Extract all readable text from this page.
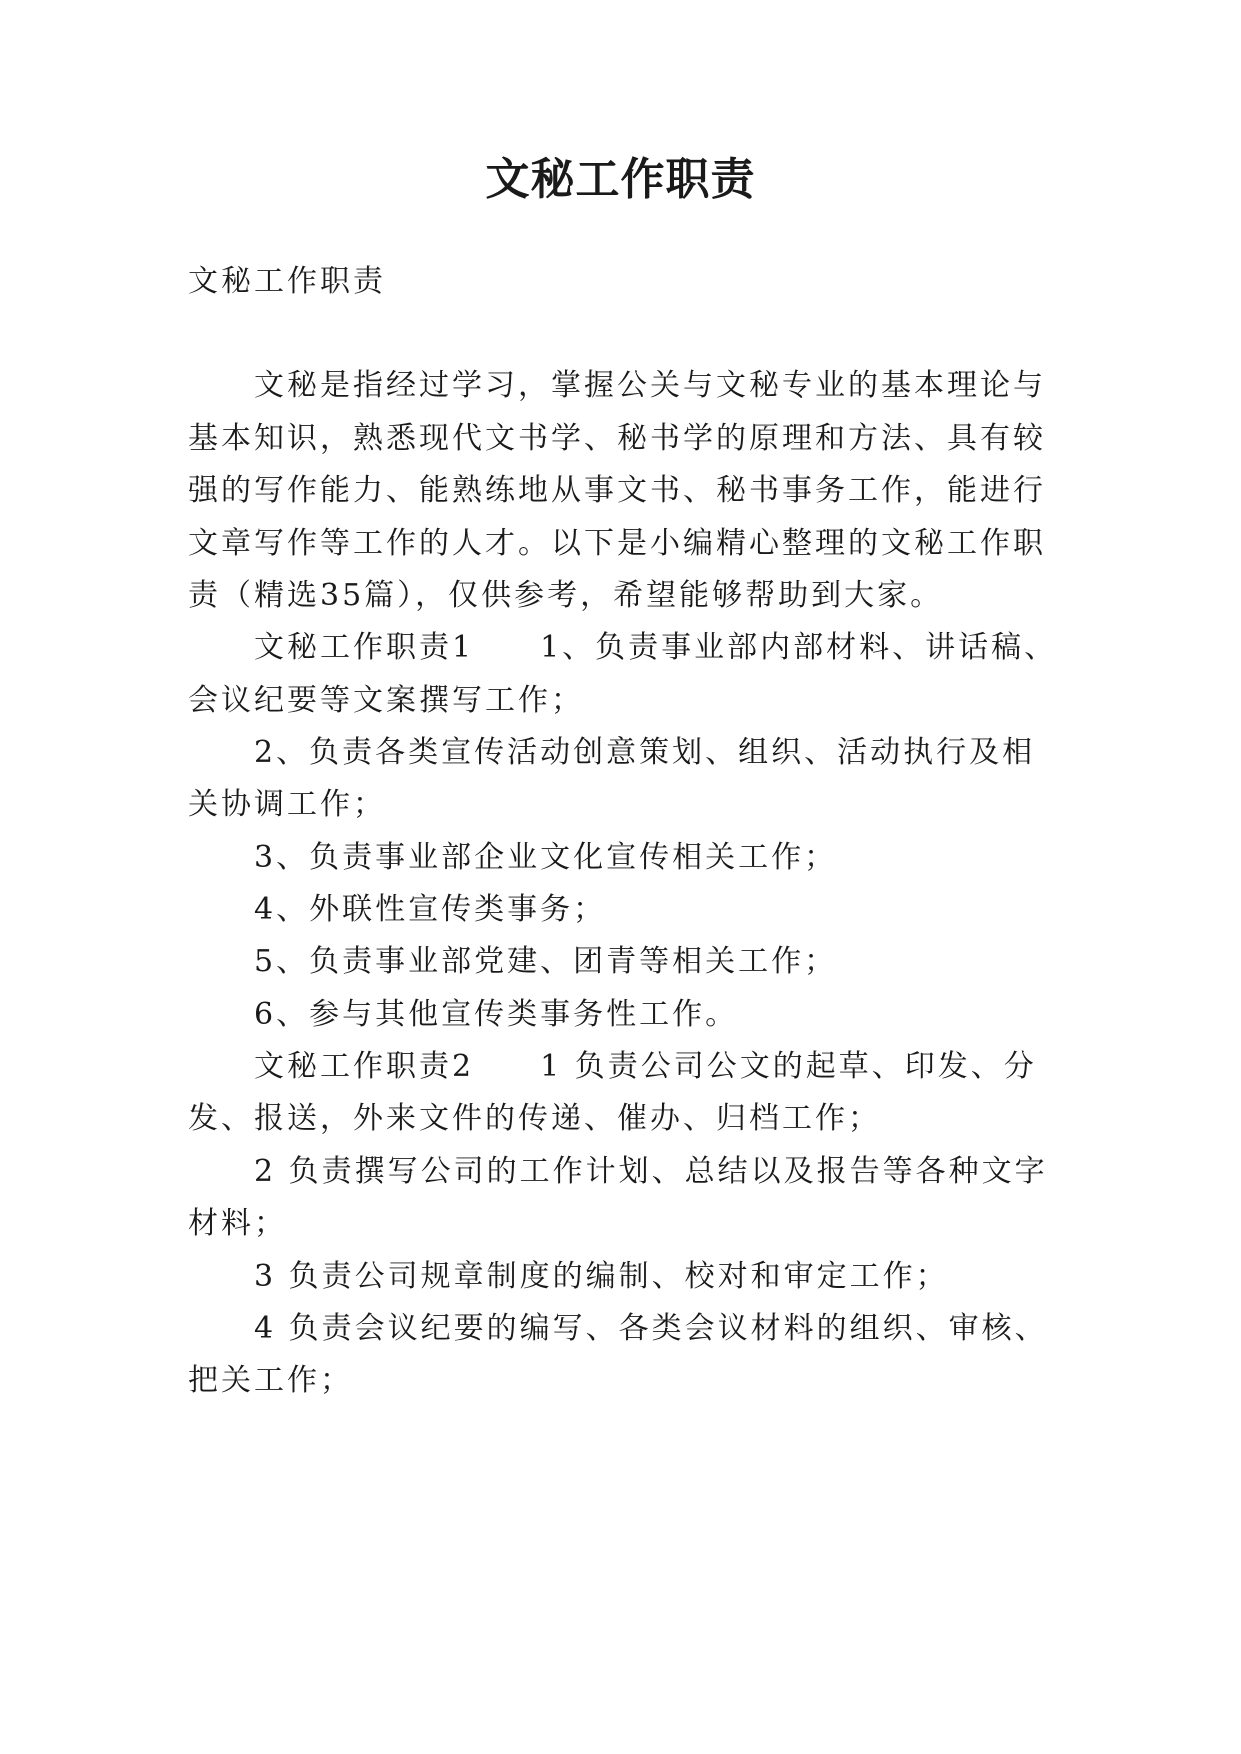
文秘工作职责
文秘工作职责
文秘是指经过学习，掌握公关与文秘专业的基本理论与
基本知识，熟悉现代文书学、秘书学的原理和方法、具有较
强的写作能力、能熟练地从事文书、秘书事务工作，能进行
文章写作等工作的人才。以下是小编精心整理的文秘工作职
责（精选35篇），仅供参考，希望能够帮助到大家。
文秘工作职责1　　1、负责事业部内部材料、讲话稿、
会议纪要等文案撰写工作；
2、负责各类宣传活动创意策划、组织、活动执行及相
关协调工作；
3、负责事业部企业文化宣传相关工作；
4、外联性宣传类事务；
5、负责事业部党建、团青等相关工作；
6、参与其他宣传类事务性工作。
文秘工作职责2　　1 负责公司公文的起草、印发、分
发、报送，外来文件的传递、催办、归档工作；
2 负责撰写公司的工作计划、总结以及报告等各种文字
材料；
3 负责公司规章制度的编制、校对和审定工作；
4 负责会议纪要的编写、各类会议材料的组织、审核、
把关工作；
